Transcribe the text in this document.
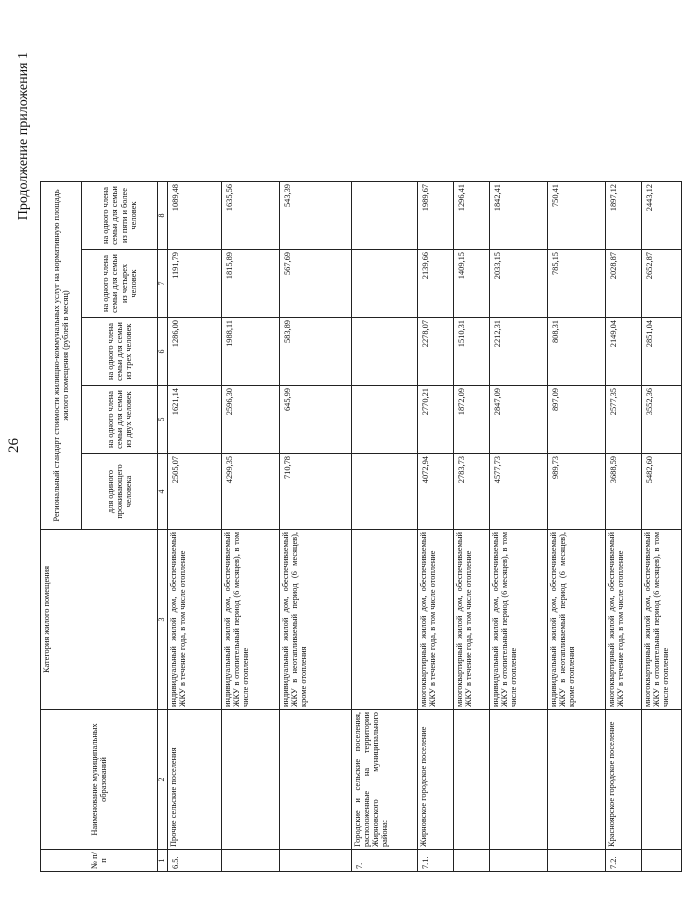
26
Продолжение приложения 1
№ п/п	Наименование муниципальных образований	Категория жилого помещения	Региональный стандарт стоимости жилищно-коммунальных услуг на нормативную площадь жилого помещения (рублей в месяц)				
			для одиного проживающего человека	на одного члена семьи для семьи из двух человек	на одного члена семьи для семьи из трех человек	на одного члена семьи для семьи из четырех человек	на одного члена семьи для семьи из пяти и более человек
1	2	3	4	5	6	7	8
6.5.	Прочие сельские поселения	индивидуальный жилой дом, обеспечиваемый ЖКУ в течение года, в том числе отопление	2505,07	1621,14	1286,00	1191,79	1089,48
		индивидуальный жилой дом, обеспечиваемый ЖКУ в отопительный период (6 месяцев), в том числе отопление	4299,35	2596,30	1988,11	1815,89	1635,56
		индивидуальный жилой дом, обеспечиваемый ЖКУ в неотапливаемый период (6 месяцев), кроме отопления	710,78	645,99	583,89	567,69	543,39
7.	Городские и сельские поселения, расположенные на территории Жирновского муниципального района:						
7.1.	Жирновское городское поселение	многоквартирный жилой дом, обеспечиваемый ЖКУ в течение года, в том числе отопление	4072,94	2770,21	2278,07	2139,66	1989,67
		многоквартирный жилой дом, обеспечиваемый ЖКУ в течение года, в том числе отопление	2783,73	1872,09	1510,31	1409,15	1296,41
		индивидуальный жилой дом, обеспечиваемый ЖКУ в отопительный период (6 месяцев), в том числе отопление	4577,73	2847,09	2212,31	2033,15	1842,41
		индивидуальный жилой дом, обеспечиваемый ЖКУ в неотапливаемый период (6 месяцев), кроме отопления	989,73	897,09	808,31	785,15	750,41
7.2.	Красноярское городское поселение	многоквартирный жилой дом, обеспечиваемый ЖКУ в течение года, в том числе отопление	3688,59	2577,35	2149,04	2028,87	1897,12
		многоквартирный жилой дом, обеспечиваемый ЖКУ в отопительный период (6 месяцев), в том числе отопление	5482,60	3552,36	2851,04	2652,87	2443,12
